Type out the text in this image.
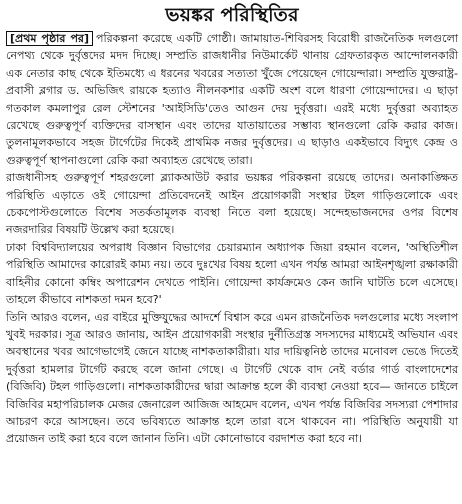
ভয়ঙ্কর পরিস্থিতির
[প্রথম পৃষ্ঠার পর] পরিকল্পনা করেছে একটি গোষ্ঠী। জামায়াত-শিবিরসহ বিরোধী রাজনৈতিক দলগুলো নেপথ্য থেকে দুর্বৃত্তদের মদদ দিচ্ছে। সম্প্রতি রাজধানীর নিউমার্কেট থানায় গ্রেফতারকৃত আন্দোলনকারী এক নেতার কাছ থেকে ইতিমধ্যে এ ধরনের খবরের সত্যতা খুঁজে পেয়েছেন গোয়েন্দারা। সম্প্রতি যুক্তরাষ্ট্র-প্রবাসী ব্লগার ড. অভিজিৎ রায়কে হত্যাও নীলনকশার একটি অংশ বলে ধারণা গোয়েন্দাদের। এ ছাড়া গতকাল কমলাপুর রেল স্টেশনের 'আইসিডি'তেও আগুন দেয় দুর্বৃত্তরা। এরই মধ্যে দুর্বৃত্তরা অব্যাহত রেখেছে গুরুত্বপূর্ণ ব্যক্তিদের বাসস্থান এবং তাদের যাতায়াতের সম্ভাব্য স্থানগুলো রেকি করার কাজ। তুলনামূলকভাবে সহজ টার্গেটের দিকেই প্রাথমিক নজর দুর্বৃত্তদের। এ ছাড়াও একইভাবে বিদ্যুৎ কেন্দ্র ও গুরুত্বপূর্ণ স্থাপনাগুলো রেকি করা অব্যাহত রেখেছে তারা।
রাজধানীসহ গুরুত্বপূর্ণ শহরগুলো ব্ল্যাকআউট করার ভয়ঙ্কর পরিকল্পনা রয়েছে তাদের। অনাকাঙ্ক্ষিত পরিস্থিতি এড়াতে ওই গোয়েন্দা প্রতিবেদনেই আইন প্রয়োগকারী সংস্থার টহল গাড়িগুলোকে এবং চেকপোস্টগুলোতে বিশেষ সতর্কতামূলক ব্যবস্থা নিতে বলা হয়েছে। সন্দেহভাজনদের ওপর বিশেষ নজরদারির বিষয়টি উল্লেখ করা হয়েছে।
ঢাকা বিশ্ববিদ্যালয়ের অপরাধ বিজ্ঞান বিভাগের চেয়ারম্যান অধ্যাপক জিয়া রহমান বলেন, 'অস্থিতিশীল পরিস্থিতি আমাদের কারোরই কাম্য নয়। তবে দুঃখের বিষয় হলো এখন পর্যন্ত আমরা আইনশৃঙ্খলা রক্ষাকারী বাহিনীর কোনো কম্বিং অপারেশন দেখতে পাইনি। গোয়েন্দা কার্যক্রমেও কেন জানি ঘাটতি চলে এসেছে। তাহলে কীভাবে নাশকতা দমন হবে?'
তিনি আরও বলেন, এর বাইরে মুক্তিযুদ্ধের আদর্শে বিশ্বাস করে এমন রাজনৈতিক দলগুলোর মধ্যে সংলাপ খুবই দরকার। সূত্র আরও জানায়, আইন প্রয়োগকারী সংস্থার দুর্নীতিগ্রস্ত সদস্যদের মাধ্যমেই অভিযান এবং অবস্থানের খবর আগেভাগেই জেনে যাচ্ছে নাশকতাকারীরা। যার দায়িত্বনিষ্ঠ তাদের মনোবল ভেঙে দিতেই দুর্বৃত্তরা হামলার টার্গেট করছে বলে জানা গেছে। এ টার্গেট থেকে বাদ নেই বর্ডার গার্ড বাংলাদেশের (বিজিবি) টহল গাড়িগুলো। নাশকতাকারীদের দ্বারা আক্রান্ত হলে কী ব্যবস্থা নেওয়া হবে— জানতে চাইলে বিজিবির মহাপরিচালক মেজর জেনারেল আজিজ আহমেদ বলেন, এখন পর্যন্ত বিজিবির সদস্যরা পেশাদার আচরণ করে আসছেন। তবে ভবিষ্যতে আক্রান্ত হলে তারা বসে থাকবেন না। পরিস্থিতি অনুযায়ী যা প্রয়োজন তাই করা হবে বলে জানান তিনি। এটা কোনোভাবে বরদাশত করা হবে না।
